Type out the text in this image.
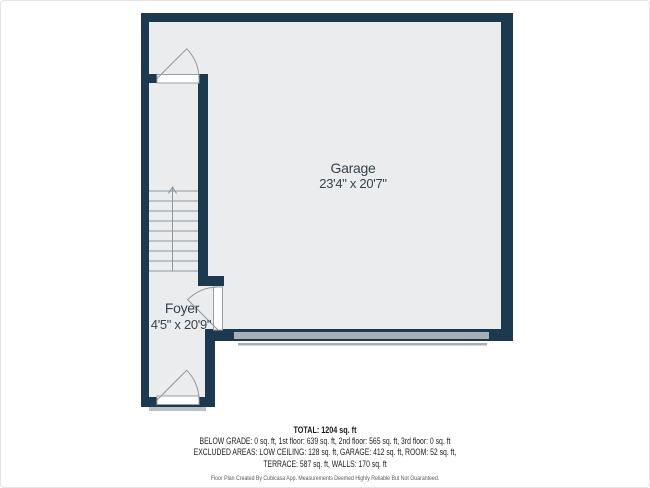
Garage
23'4" x 20'7"
Foyer
4'5" x 20'9"
TOTAL: 1204 sq. ft
BELOW GRADE: 0 sq. ft, 1st floor: 639 sq. ft, 2nd floor: 565 sq. ft, 3rd floor: 0 sq. ft
EXCLUDED AREAS: LOW CEILING: 128 sq. ft, GARAGE: 412 sq. ft, ROOM: 52 sq. ft,
TERRACE: 587 sq. ft, WALLS: 170 sq. ft
Floor Plan Created By Cubicasa App. Measurements Deemed Highly Reliable But Not Guaranteed.
